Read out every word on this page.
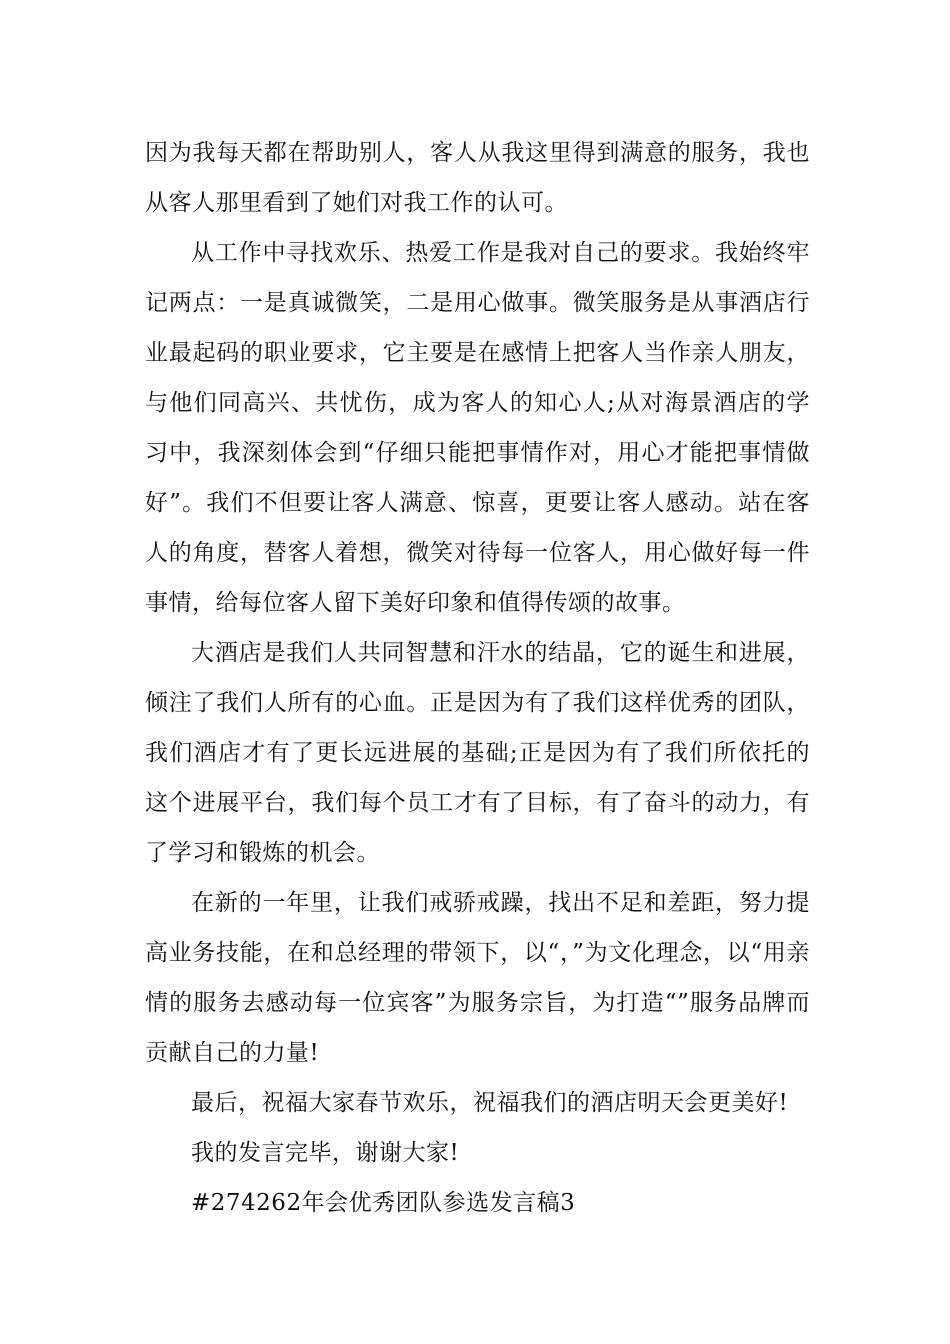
因为我每天都在帮助别人，客人从我这里得到满意的服务，我也从客人那里看到了她们对我工作的认可。

从工作中寻找欢乐、热爱工作是我对自己的要求。我始终牢记两点：一是真诚微笑，二是用心做事。微笑服务是从事酒店行业最起码的职业要求，它主要是在感情上把客人当作亲人朋友，与他们同高兴、共忧伤，成为客人的知心人;从对海景酒店的学习中，我深刻体会到“仔细只能把事情作对，用心才能把事情做好”。我们不但要让客人满意、惊喜，更要让客人感动。站在客人的角度，替客人着想，微笑对待每一位客人，用心做好每一件事情，给每位客人留下美好印象和值得传颂的故事。

大酒店是我们人共同智慧和汗水的结晶，它的诞生和进展，倾注了我们人所有的心血。正是因为有了我们这样优秀的团队，我们酒店才有了更长远进展的基础;正是因为有了我们所依托的这个进展平台，我们每个员工才有了目标，有了奋斗的动力，有了学习和锻炼的机会。

在新的一年里，让我们戒骄戒躁，找出不足和差距，努力提高业务技能，在和总经理的带领下，以“，”为文化理念，以“用亲情的服务去感动每一位宾客”为服务宗旨，为打造“”服务品牌而贡献自己的力量!

最后，祝福大家春节欢乐，祝福我们的酒店明天会更美好!

我的发言完毕，谢谢大家!

#274262年会优秀团队参选发言稿3
